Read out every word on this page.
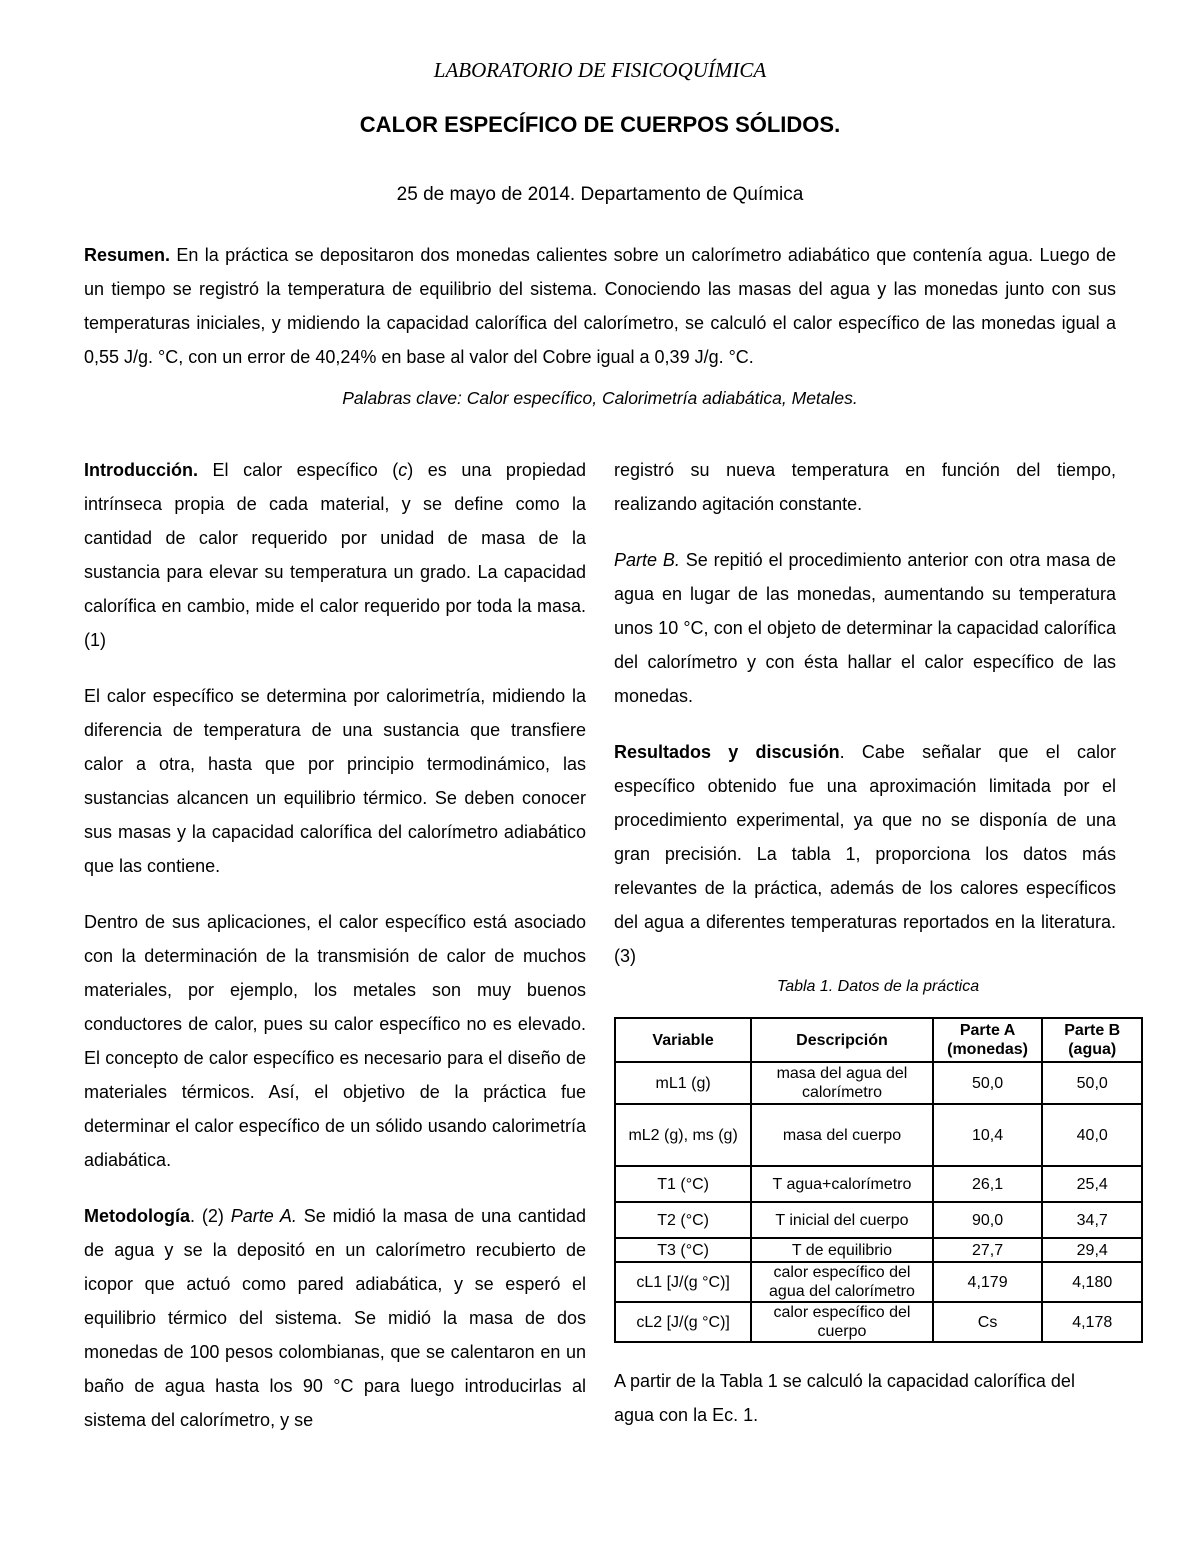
LABORATORIO DE FISICOQUÍMICA
CALOR ESPECÍFICO DE CUERPOS SÓLIDOS.
25 de mayo de 2014. Departamento de Química

Resumen. En la práctica se depositaron dos monedas calientes sobre un calorímetro adiabático que contenía agua. Luego de un tiempo se registró la temperatura de equilibrio del sistema. Conociendo las masas del agua y las monedas junto con sus temperaturas iniciales, y midiendo la capacidad calorífica del calorímetro, se calculó el calor específico de las monedas igual a 0,55 J/g. °C, con un error de 40,24% en base al valor del Cobre igual a 0,39 J/g. °C.

Palabras clave: Calor específico, Calorimetría adiabática, Metales.

Introducción. El calor específico (c) es una propiedad intrínseca propia de cada material, y se define como la cantidad de calor requerido por unidad de masa de la sustancia para elevar su temperatura un grado. La capacidad calorífica en cambio, mide el calor requerido por toda la masa. (1)

El calor específico se determina por calorimetría, midiendo la diferencia de temperatura de una sustancia que transfiere calor a otra, hasta que por principio termodinámico, las sustancias alcancen un equilibrio térmico. Se deben conocer sus masas y la capacidad calorífica del calorímetro adiabático que las contiene.

Dentro de sus aplicaciones, el calor específico está asociado con la determinación de la transmisión de calor de muchos materiales, por ejemplo, los metales son muy buenos conductores de calor, pues su calor específico no es elevado. El concepto de calor específico es necesario para el diseño de materiales térmicos. Así, el objetivo de la práctica fue determinar el calor específico de un sólido usando calorimetría adiabática.

Metodología. (2) Parte A. Se midió la masa de una cantidad de agua y se la depositó en un calorímetro recubierto de icopor que actuó como pared adiabática, y se esperó el equilibrio térmico del sistema. Se midió la masa de dos monedas de 100 pesos colombianas, que se calentaron en un baño de agua hasta los 90 °C para luego introducirlas al sistema del calorímetro, y se

registró su nueva temperatura en función del tiempo, realizando agitación constante.

Parte B. Se repitió el procedimiento anterior con otra masa de agua en lugar de las monedas, aumentando su temperatura unos 10 °C, con el objeto de determinar la capacidad calorífica del calorímetro y con ésta hallar el calor específico de las monedas.

Resultados y discusión. Cabe señalar que el calor específico obtenido fue una aproximación limitada por el procedimiento experimental, ya que no se disponía de una gran precisión. La tabla 1, proporciona los datos más relevantes de la práctica, además de los calores específicos del agua a diferentes temperaturas reportados en la literatura. (3)

Tabla 1. Datos de la práctica
Variable	Descripción	Parte A (monedas)	Parte B (agua)
mL1 (g)	masa del agua del calorímetro	50,0	50,0
mL2 (g), ms (g)	masa del cuerpo	10,4	40,0
T1 (°C)	T agua+calorímetro	26,1	25,4
T2 (°C)	T inicial del cuerpo	90,0	34,7
T3 (°C)	T de equilibrio	27,7	29,4
cL1 [J/(g °C)]	calor específico del agua del calorímetro	4,179	4,180
cL2 [J/(g °C)]	calor específico del cuerpo	Cs	4,178

A partir de la Tabla 1 se calculó la capacidad calorífica del agua con la Ec. 1.
